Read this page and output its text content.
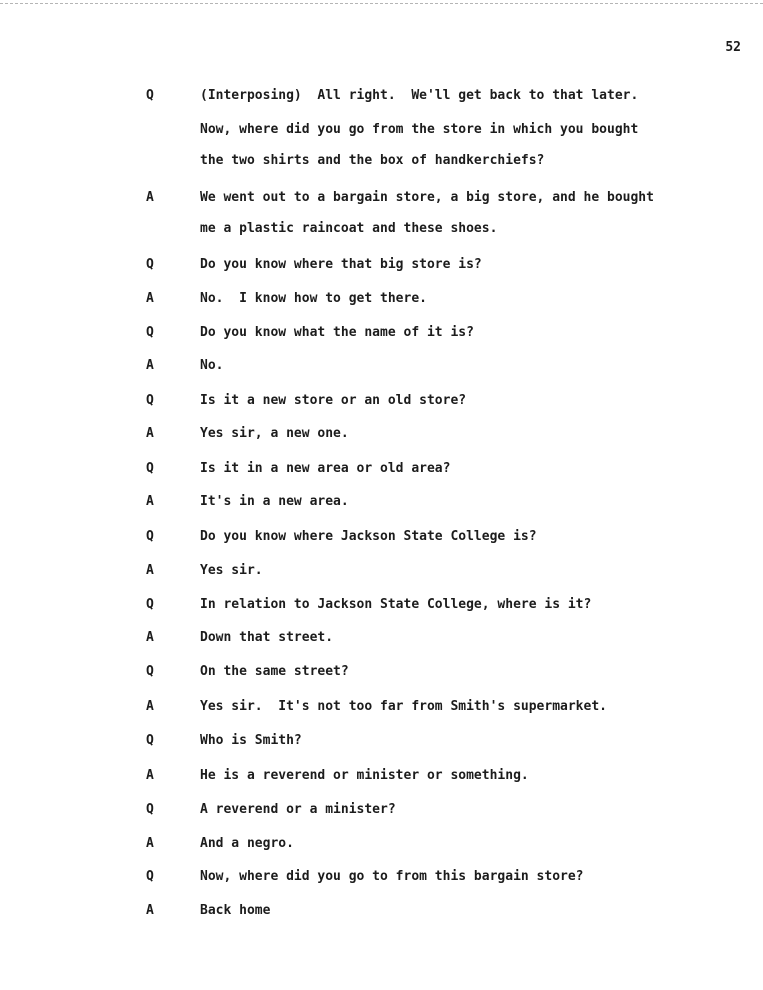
52
Q	(Interposing)  All right.  We'll get back to that later.
Now, where did you go from the store in which you bought
the two shirts and the box of handkerchiefs?
A	We went out to a bargain store, a big store, and he bought
me a plastic raincoat and these shoes.
Q	Do you know where that big store is?
A	No.  I know how to get there.
Q	Do you know what the name of it is?
A	No.
Q	Is it a new store or an old store?
A	Yes sir, a new one.
Q	Is it in a new area or old area?
A	It's in a new area.
Q	Do you know where Jackson State College is?
A	Yes sir.
Q	In relation to Jackson State College, where is it?
A	Down that street.
Q	On the same street?
A	Yes sir.  It's not too far from Smith's supermarket.
Q	Who is Smith?
A	He is a reverend or minister or something.
Q	A reverend or a minister?
A	And a negro.
Q	Now, where did you go to from this bargain store?
A	Back home
